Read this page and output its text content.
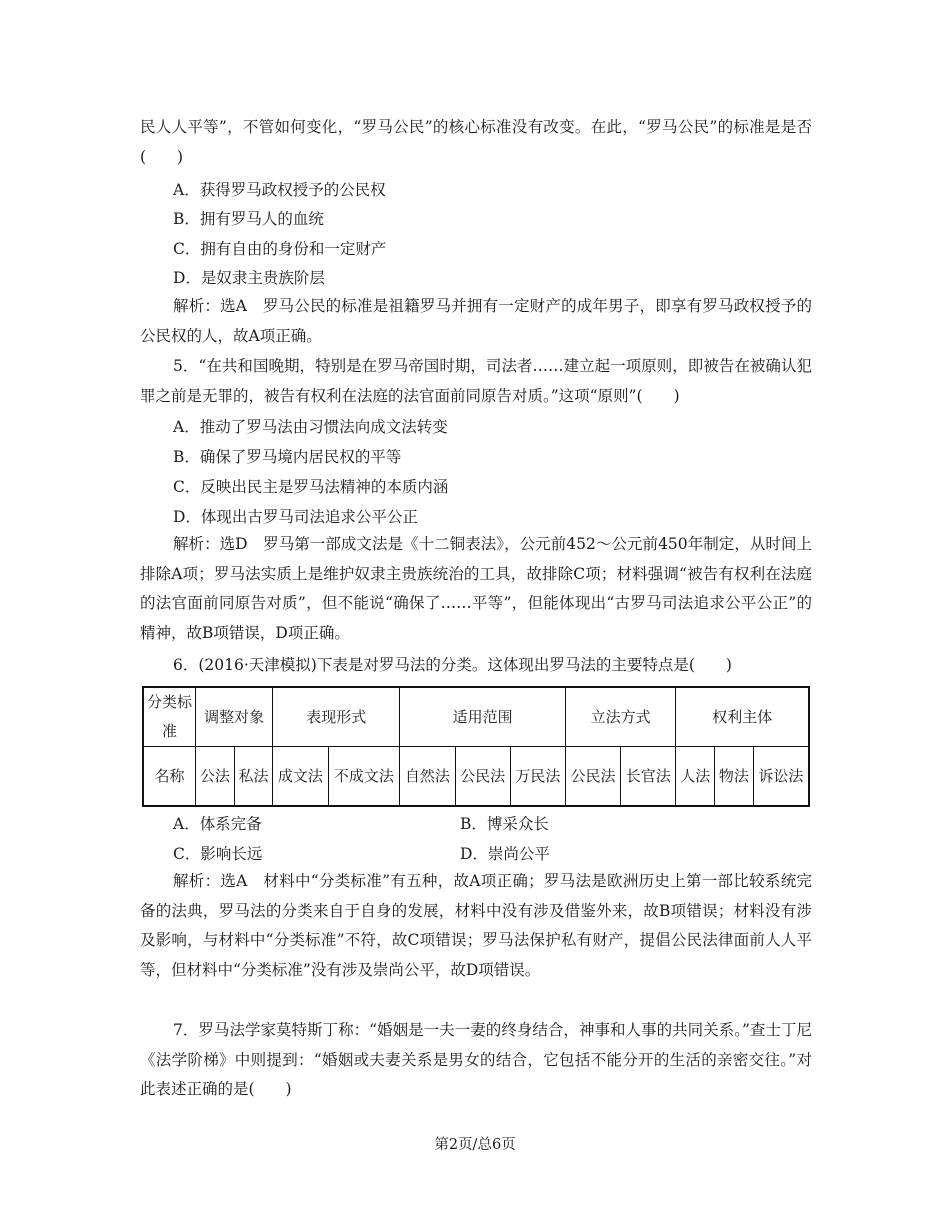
民人人平等”，不管如何变化，“罗马公民”的核心标准没有改变。在此，“罗马公民”的标准是是否(　　)

A．获得罗马政权授予的公民权

B．拥有罗马人的血统

C．拥有自由的身份和一定财产

D．是奴隶主贵族阶层

解析：选A　罗马公民的标准是祖籍罗马并拥有一定财产的成年男子，即享有罗马政权授予的公民权的人，故A项正确。

5．“在共和国晚期，特别是在罗马帝国时期，司法者……建立起一项原则，即被告在被确认犯罪之前是无罪的，被告有权利在法庭的法官面前同原告对质。”这项“原则”(　　)

A．推动了罗马法由习惯法向成文法转变

B．确保了罗马境内居民权的平等

C．反映出民主是罗马法精神的本质内涵

D．体现出古罗马司法追求公平公正

解析：选D　罗马第一部成文法是《十二铜表法》，公元前452～公元前450年制定，从时间上排除A项；罗马法实质上是维护奴隶主贵族统治的工具，故排除C项；材料强调“被告有权利在法庭的法官面前同原告对质”，但不能说“确保了……平等”，但能体现出“古罗马司法追求公平公正”的精神，故B项错误，D项正确。

6．(2016·天津模拟)下表是对罗马法的分类。这体现出罗马法的主要特点是(　　)

分类标准	调整对象		表现形式		适用范围			立法方式		权利主体		
名称	公法	私法	成文法	不成文法	自然法	公民法	万民法	公民法	长官法	人法	物法	诉讼法

A．体系完备	B．博采众长

C．影响长远	D．崇尚公平

解析：选A　材料中“分类标准”有五种，故A项正确；罗马法是欧洲历史上第一部比较系统完备的法典，罗马法的分类来自于自身的发展，材料中没有涉及借鉴外来，故B项错误；材料没有涉及影响，与材料中“分类标准”不符，故C项错误；罗马法保护私有财产，提倡公民法律面前人人平等，但材料中“分类标准”没有涉及崇尚公平，故D项错误。

7．罗马法学家莫特斯丁称：“婚姻是一夫一妻的终身结合，神事和人事的共同关系。”查士丁尼《法学阶梯》中则提到：“婚姻或夫妻关系是男女的结合，它包括不能分开的生活的亲密交往。”对此表述正确的是(　　)

第2页/总6页
